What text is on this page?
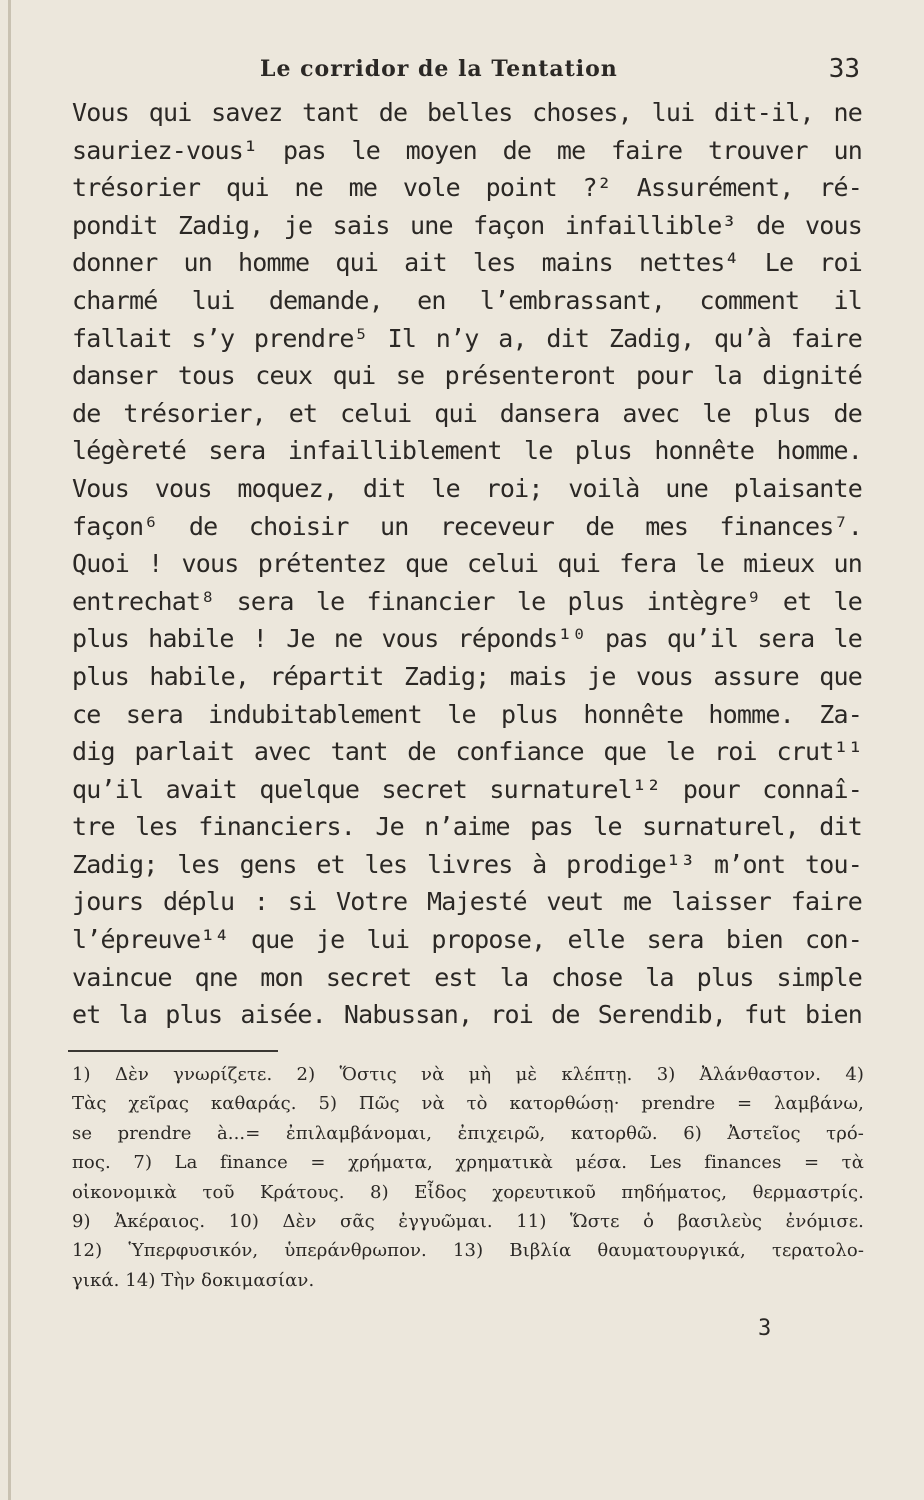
Le corridor de la Tentation	33
Vous qui savez tant de belles choses, lui dit-il, ne
sauriez-vous¹ pas le moyen de me faire trouver un
trésorier qui ne me vole point ?² Assurément, ré-
pondit Zadig, je sais une façon infaillible³ de vous
donner un homme qui ait les mains nettes⁴ Le roi
charmé lui demande, en l’embrassant, comment il
fallait s’y prendre⁵ Il n’y a, dit Zadig, qu’à faire
danser tous ceux qui se présenteront pour la dignité
de trésorier, et celui qui dansera avec le plus de
légèreté sera infailliblement le plus honnête homme.
Vous vous moquez, dit le roi; voilà une plaisante
façon⁶ de choisir un receveur de mes finances⁷.
Quoi ! vous prétentez que celui qui fera le mieux un
entrechat⁸ sera le financier le plus intègre⁹ et le
plus habile ! Je ne vous réponds¹⁰ pas qu’il sera le
plus habile, répartit Zadig; mais je vous assure que
ce sera indubitablement le plus honnête homme. Za-
dig parlait avec tant de confiance que le roi crut¹¹
qu’il avait quelque secret surnaturel¹² pour connaî-
tre les financiers. Je n’aime pas le surnaturel, dit
Zadig; les gens et les livres à prodige¹³ m’ont tou-
jours déplu : si Votre Majesté veut me laisser faire
l’épreuve¹⁴ que je lui propose, elle sera bien con-
vaincue qne mon secret est la chose la plus simple
et la plus aisée. Nabussan, roi de Serendib, fut bien
1) Δὲν γνωρίζετε. 2) Ὅστις νὰ μὴ μὲ κλέπτῃ. 3) Ἀλάνθαστον. 4)
Τὰς χεῖρας καθαράς. 5) Πῶς νὰ τὸ κατορθώσῃ· prendre = λαμβάνω,
se prendre à...= ἐπιλαμβάνομαι, ἐπιχειρῶ, κατορθῶ. 6) Ἀστεῖος τρό-
πος. 7) La finance = χρήματα, χρηματικὰ μέσα. Les finances = τὰ
οἰκονομικὰ τοῦ Κράτους. 8) Εἶδος χορευτικοῦ πηδήματος, θερμαστρίς.
9) Ἀκέραιος. 10) Δὲν σᾶς ἐγγυῶμαι. 11) Ὥστε ὁ βασιλεὺς ἐνόμισε.
12) Ὑπερφυσικόν, ὑπεράνθρωπον. 13) Βιβλία θαυματουργικά, τερατολο-
γικά. 14) Τὴν δοκιμασίαν.
3
